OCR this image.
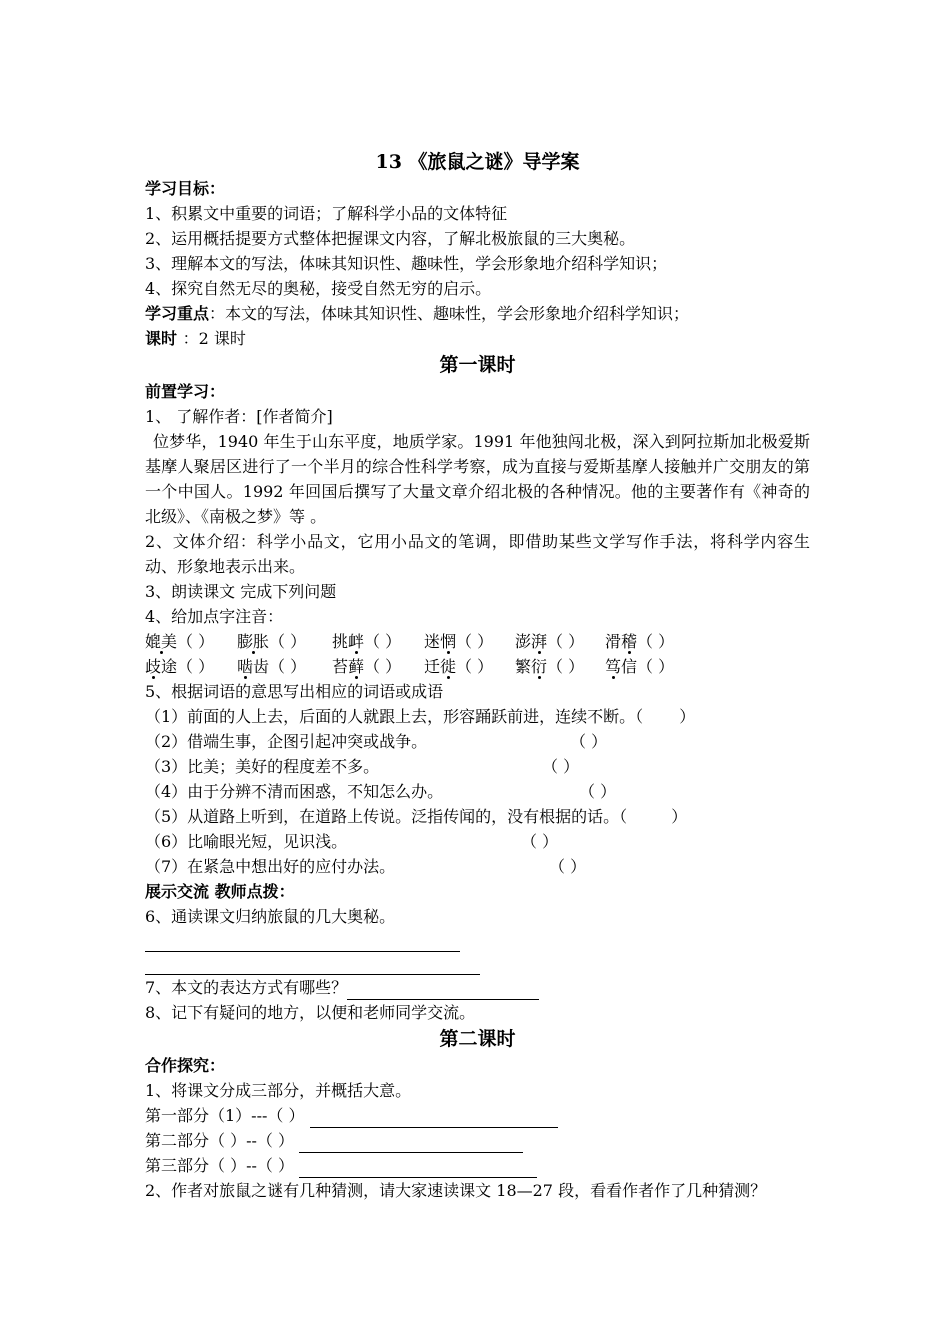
13 《旅鼠之谜》导学案
学习目标：
1、积累文中重要的词语；了解科学小品的文体特征
2、运用概括提要方式整体把握课文内容，了解北极旅鼠的三大奥秘。
3、理解本文的写法，体味其知识性、趣味性，学会形象地介绍科学知识；
4、探究自然无尽的奥秘，接受自然无穷的启示。
学习重点：本文的写法，体味其知识性、趣味性，学会形象地介绍科学知识；
课时 ：2 课时
第一课时
前置学习：
1、 了解作者：[作者简介]
位梦华，1940 年生于山东平度，地质学家。1991 年他独闯北极，深入到阿拉斯加北极爱斯基摩人聚居区进行了一个半月的综合性科学考察，成为直接与爱斯基摩人接触并广交朋友的第一个中国人。1992 年回国后撰写了大量文章介绍北极的各种情况。他的主要著作有《神奇的北级》、《南极之梦》等 。
2、文体介绍：科学小品文，它用小品文的笔调，即借助某些文学写作手法，将科学内容生动、形象地表示出来。
3、朗读课文 完成下列问题
4、给加点字注音：
媲美（ ） 膨胀（ ） 挑衅（ ） 迷惘（ ） 澎湃（ ） 滑稽（ ）
歧途（ ） 啮齿（ ） 苔藓（ ） 迁徙（ ） 繁衍（ ） 笃信（ ）
5、根据词语的意思写出相应的词语或成语
（1）前面的人上去，后面的人就跟上去，形容踊跃前进，连续不断。（ ）
（2）借端生事，企图引起冲突或战争。	（ ）
（3）比美；美好的程度差不多。	（ ）
（4）由于分辨不清而困惑，不知怎么办。	（ ）
（5）从道路上听到，在道路上传说。泛指传闻的，没有根据的话。（	）
（6）比喻眼光短，见识浅。	（ ）
（7）在紧急中想出好的应付办法。	（ ）
展示交流 教师点拨：
6、通读课文归纳旅鼠的几大奥秘。
7、本文的表达方式有哪些？
8、记下有疑问的地方，以便和老师同学交流。
第二课时
合作探究：
1、将课文分成三部分，并概括大意。
第一部分（1）---（ ）
第二部分（ ）--（ ）
第三部分（ ）--（ ）
2、作者对旅鼠之谜有几种猜测，请大家速读课文 18—27 段，看看作者作了几种猜测？
